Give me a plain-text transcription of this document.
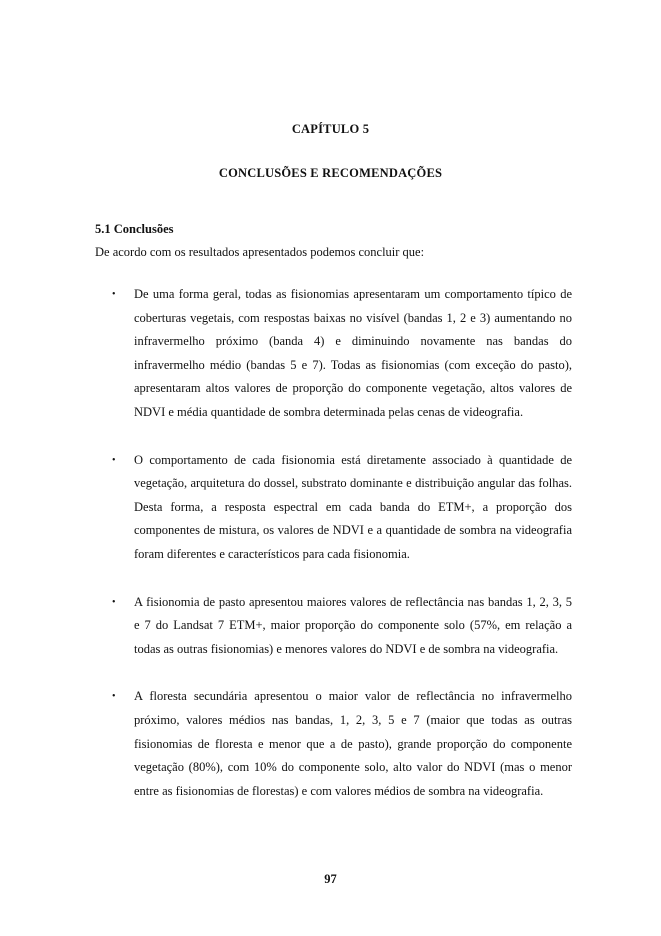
CAPÍTULO 5
CONCLUSÕES E RECOMENDAÇÕES
5.1 Conclusões
De acordo com os resultados apresentados podemos concluir que:
• De uma forma geral, todas as fisionomias apresentaram um comportamento típico de coberturas vegetais, com respostas baixas no visível (bandas 1, 2 e 3) aumentando no infravermelho próximo (banda 4) e diminuindo novamente nas bandas do infravermelho médio (bandas 5 e 7). Todas as fisionomias (com exceção do pasto), apresentaram altos valores de proporção do componente vegetação, altos valores de NDVI e média quantidade de sombra determinada pelas cenas de videografia.
• O comportamento de cada fisionomia está diretamente associado à quantidade de vegetação, arquitetura do dossel, substrato dominante e distribuição angular das folhas. Desta forma, a resposta espectral em cada banda do ETM+, a proporção dos componentes de mistura, os valores de NDVI e a quantidade de sombra na videografia foram diferentes e característicos para cada fisionomia.
• A fisionomia de pasto apresentou maiores valores de reflectância nas bandas 1, 2, 3, 5 e 7 do Landsat 7 ETM+, maior proporção do componente solo (57%, em relação a todas as outras fisionomias) e menores valores do NDVI e de sombra na videografia.
• A floresta secundária apresentou o maior valor de reflectância no infravermelho próximo, valores médios nas bandas, 1, 2, 3, 5 e 7 (maior que todas as outras fisionomias de floresta e menor que a de pasto), grande proporção do componente vegetação (80%), com 10% do componente solo, alto valor do NDVI (mas o menor entre as fisionomias de florestas) e com valores médios de sombra na videografia.
97
